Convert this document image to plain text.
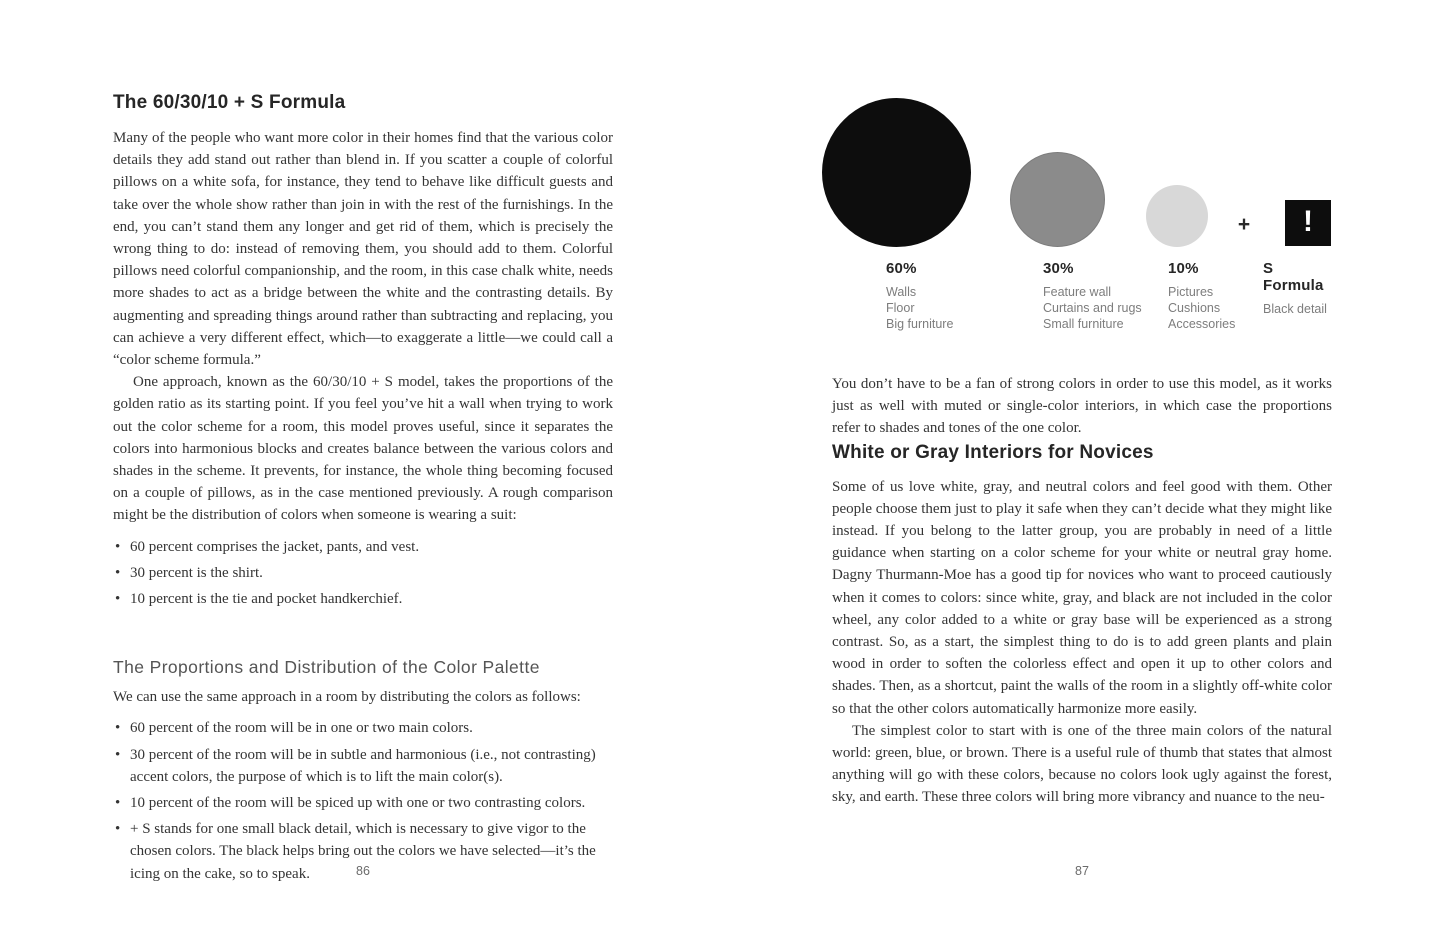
The 60/30/10 + S Formula

Many of the people who want more color in their homes find that the various color details they add stand out rather than blend in. If you scatter a couple of colorful pillows on a white sofa, for instance, they tend to behave like difficult guests and take over the whole show rather than join in with the rest of the furnishings. In the end, you can’t stand them any longer and get rid of them, which is precisely the wrong thing to do: instead of removing them, you should add to them. Colorful pillows need colorful companionship, and the room, in this case chalk white, needs more shades to act as a bridge between the white and the contrasting details. By augmenting and spreading things around rather than subtracting and replacing, you can achieve a very different effect, which—to exaggerate a little—we could call a “color scheme formula.”

One approach, known as the 60/30/10 + S model, takes the proportions of the golden ratio as its starting point. If you feel you’ve hit a wall when trying to work out the color scheme for a room, this model proves useful, since it separates the colors into harmonious blocks and creates balance between the various colors and shades in the scheme. It prevents, for instance, the whole thing becoming focused on a couple of pillows, as in the case mentioned previously. A rough comparison might be the distribution of colors when someone is wearing a suit:

• 60 percent comprises the jacket, pants, and vest.
• 30 percent is the shirt.
• 10 percent is the tie and pocket handkerchief.
The Proportions and Distribution of the Color Palette

We can use the same approach in a room by distributing the colors as follows:

• 60 percent of the room will be in one or two main colors.
• 30 percent of the room will be in subtle and harmonious (i.e., not contrasting) accent colors, the purpose of which is to lift the main color(s).
• 10 percent of the room will be spiced up with one or two contrasting colors.
• + S stands for one small black detail, which is necessary to give vigor to the chosen colors. The black helps bring out the colors we have selected—it’s the icing on the cake, so to speak.
+ !
60%
Walls
Floor
Big furniture
30%
Feature wall
Curtains and rugs
Small furniture
10%
Pictures
Cushions
Accessories
S Formula
Black detail

You don’t have to be a fan of strong colors in order to use this model, as it works just as well with muted or single-color interiors, in which case the proportions refer to shades and tones of the one color.

White or Gray Interiors for Novices

Some of us love white, gray, and neutral colors and feel good with them. Other people choose them just to play it safe when they can’t decide what they might like instead. If you belong to the latter group, you are probably in need of a little guidance when starting on a color scheme for your white or neutral gray home. Dagny Thurmann-Moe has a good tip for novices who want to proceed cautiously when it comes to colors: since white, gray, and black are not included in the color wheel, any color added to a white or gray base will be experienced as a strong contrast. So, as a start, the simplest thing to do is to add green plants and plain wood in order to soften the colorless effect and open it up to other colors and shades. Then, as a shortcut, paint the walls of the room in a slightly off-white color so that the other colors automatically harmonize more easily.

The simplest color to start with is one of the three main colors of the natural world: green, blue, or brown. There is a useful rule of thumb that states that almost anything will go with these colors, because no colors look ugly against the forest, sky, and earth. These three colors will bring more vibrancy and nuance to the neu-

86	87
